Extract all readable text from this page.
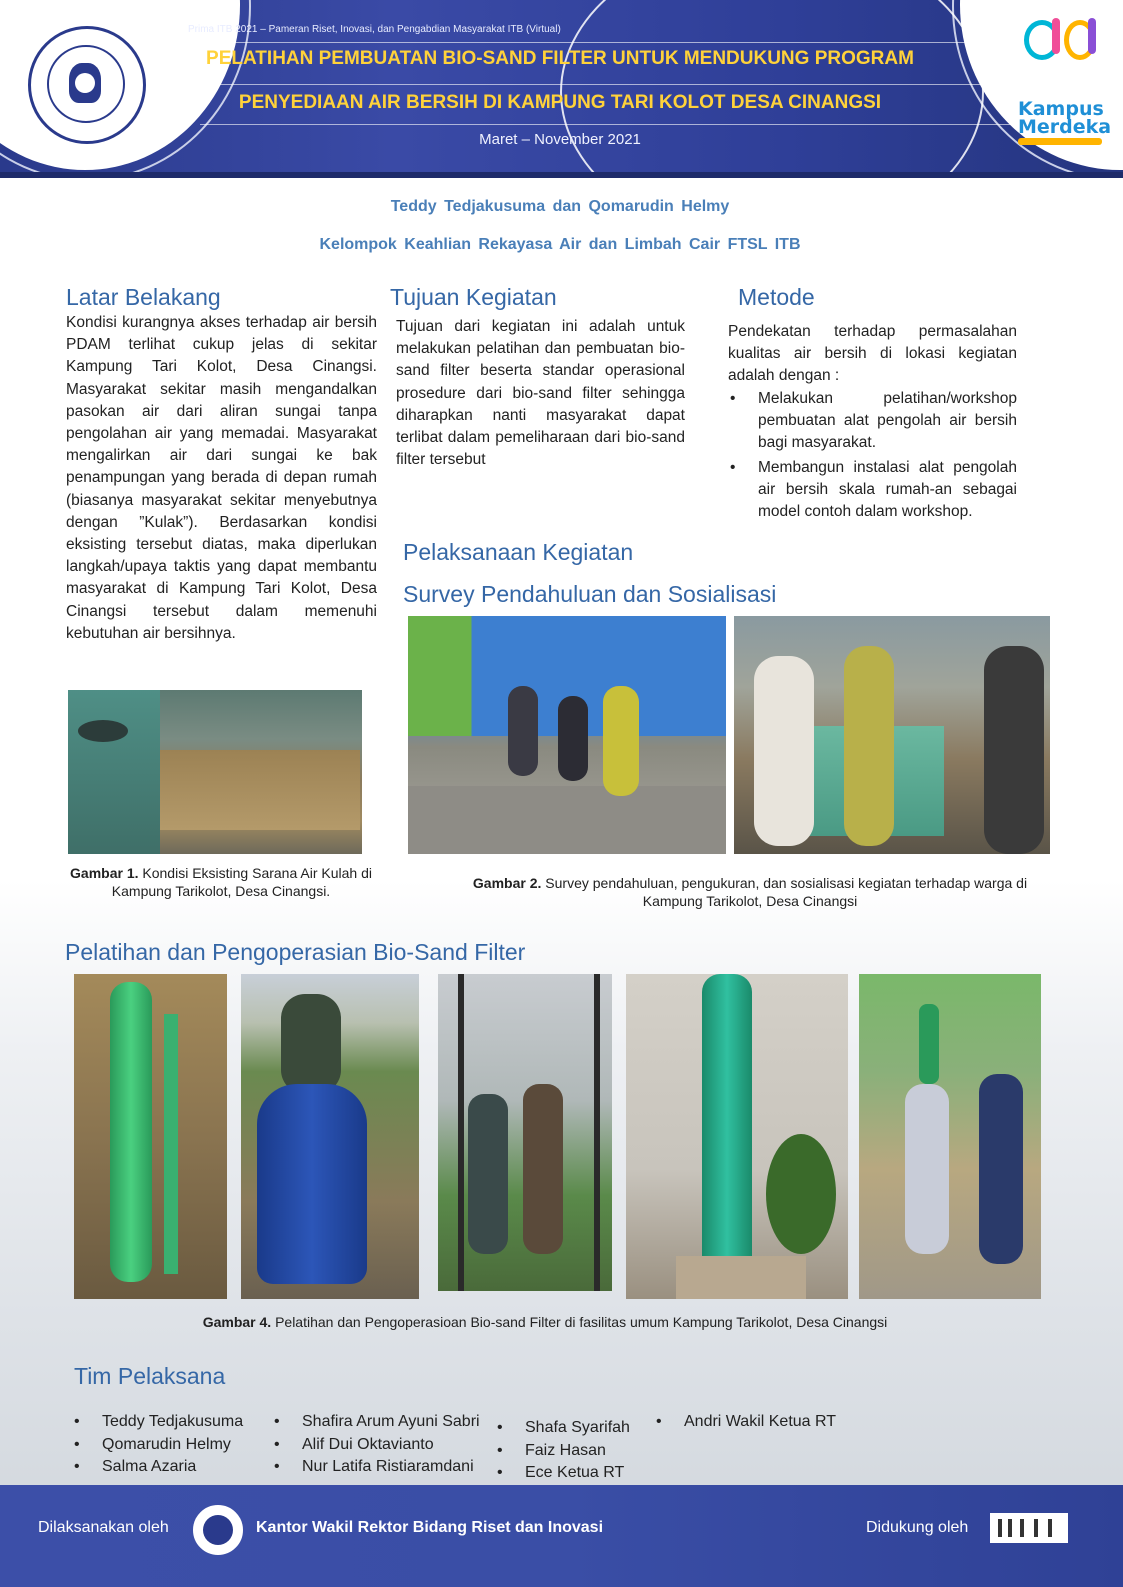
Prima ITB 2021 – Pameran Riset, Inovasi, dan Pengabdian Masyarakat ITB (Virtual)
PELATIHAN PEMBUATAN BIO-SAND FILTER UNTUK MENDUKUNG PROGRAM
PENYEDIAAN AIR BERSIH DI KAMPUNG TARI KOLOT DESA CINANGSI
Maret – November 2021
Kampus
Merdeka
Teddy Tedjakusuma dan Qomarudin Helmy
Kelompok Keahlian Rekayasa Air dan Limbah Cair FTSL ITB
Latar Belakang
Kondisi kurangnya akses terhadap air bersih PDAM terlihat cukup jelas di sekitar Kampung Tari Kolot, Desa Cinangsi. Masyarakat sekitar masih mengandalkan pasokan air dari aliran sungai tanpa pengolahan air yang memadai. Masyarakat mengalirkan air dari sungai ke bak penampungan yang berada di depan rumah (biasanya masyarakat sekitar menyebutnya dengan ”Kulak”). Berdasarkan kondisi eksisting tersebut diatas, maka diperlukan langkah/upaya taktis yang dapat membantu masyarakat di Kampung Tari Kolot, Desa Cinangsi tersebut dalam memenuhi kebutuhan air bersihnya.
Tujuan Kegiatan
Tujuan dari kegiatan ini adalah untuk melakukan pelatihan dan pembuatan bio-sand filter beserta standar operasional prosedure dari bio-sand filter sehingga diharapkan nanti masyarakat dapat terlibat dalam pemeliharaan dari bio-sand filter tersebut
Metode
Pendekatan terhadap permasalahan kualitas air bersih di lokasi kegiatan adalah dengan :
• Melakukan pelatihan/workshop pembuatan alat pengolah air bersih bagi masyarakat.
• Membangun instalasi alat pengolah air bersih skala rumah-an sebagai model contoh dalam workshop.
Pelaksanaan Kegiatan
Survey Pendahuluan dan Sosialisasi
Gambar 1. Kondisi Eksisting Sarana Air Kulah di Kampung Tarikolot, Desa Cinangsi.	Gambar 2. Survey pendahuluan, pengukuran, dan sosialisasi kegiatan terhadap warga di Kampung Tarikolot, Desa Cinangsi
Pelatihan dan Pengoperasian Bio-Sand Filter
Gambar 4. Pelatihan dan Pengoperasioan Bio-sand Filter di fasilitas umum Kampung Tarikolot, Desa Cinangsi
Tim Pelaksana
• Teddy Tedjakusuma
• Qomarudin Helmy
• Salma Azaria
• Shafira Arum Ayuni Sabri
• Alif Dui Oktavianto
• Nur Latifa Ristiaramdani
• Shafa Syarifah
• Faiz Hasan
• Ece Ketua RT
• Andri Wakil Ketua RT
Dilaksanakan oleh	Kantor Wakil Rektor Bidang Riset dan Inovasi	Didukung oleh
